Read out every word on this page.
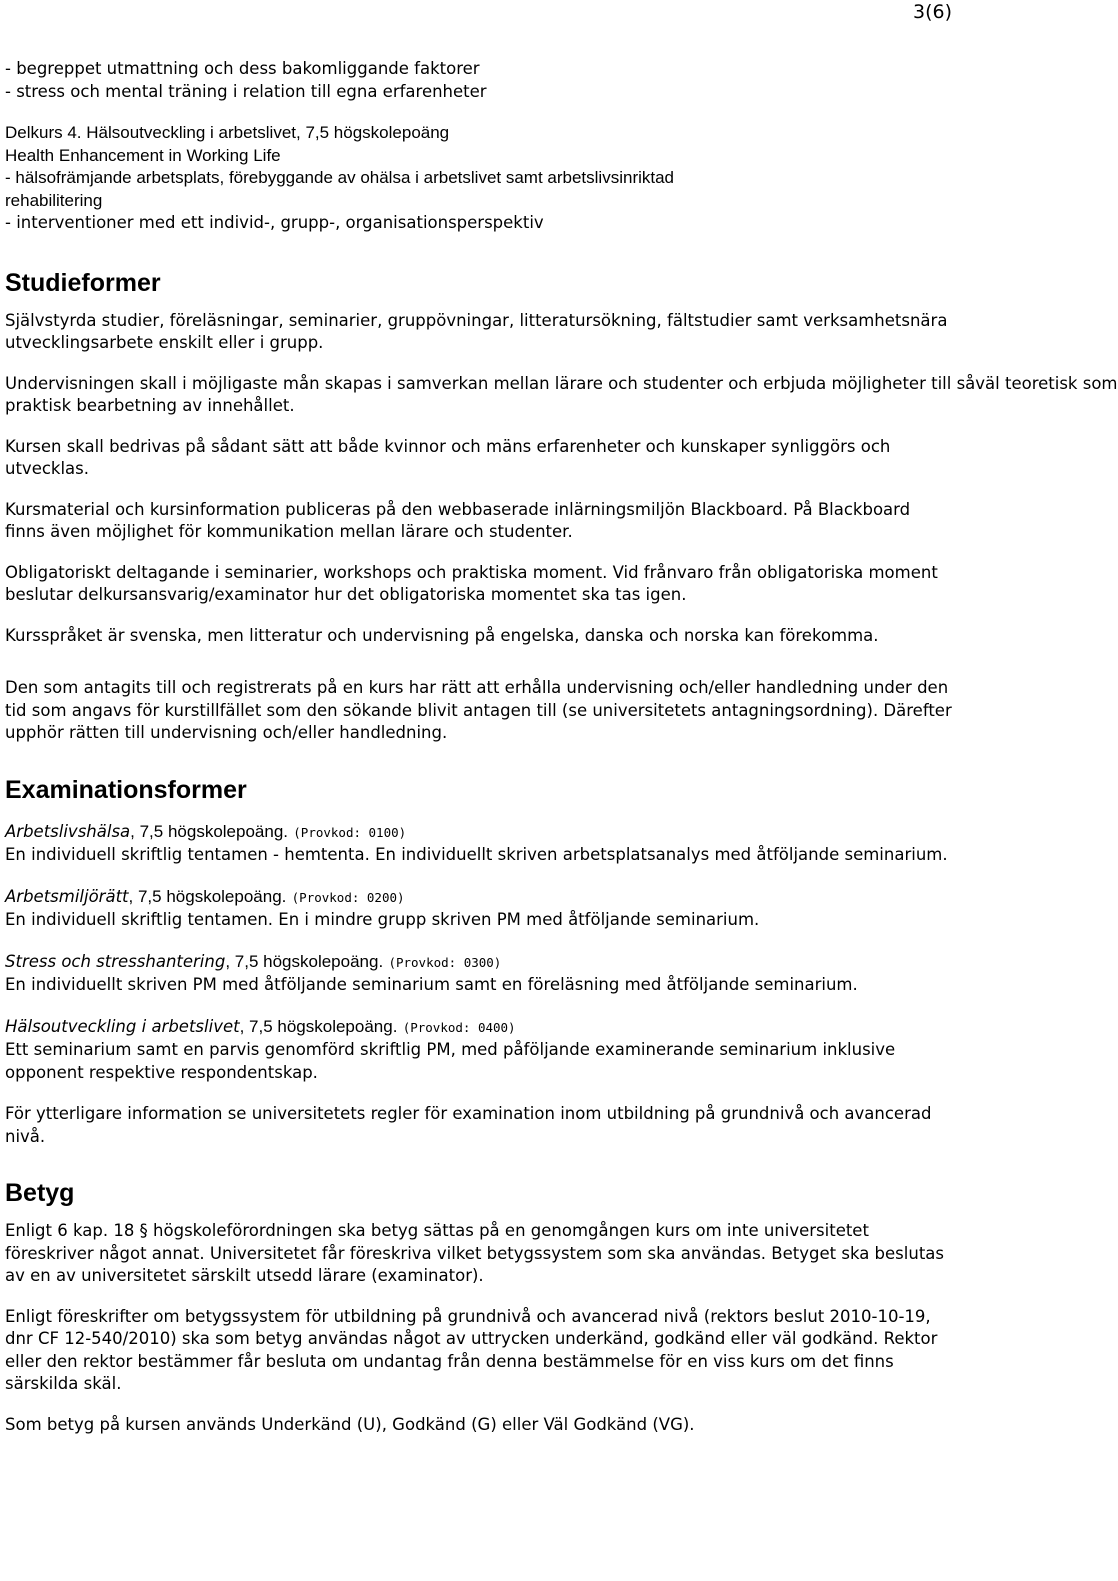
3(6)

- begreppet utmattning och dess bakomliggande faktorer

- stress och mental träning i relation till egna erfarenheter

Delkurs 4. Hälsoutveckling i arbetslivet, 7,5 högskolepoäng

Health Enhancement in Working Life

- hälsofrämjande arbetsplats, förebyggande av ohälsa i arbetslivet samt arbetslivsinriktad

rehabilitering

- interventioner med ett individ-, grupp-, organisationsperspektiv

Studieformer

Självstyrda studier, föreläsningar, seminarier, gruppövningar, litteratursökning, fältstudier samt verksamhetsnära utvecklingsarbete enskilt eller i grupp.

Undervisningen skall i möjligaste mån skapas i samverkan mellan lärare och studenter och erbjuda möjligheter till såväl teoretisk som

praktisk bearbetning av innehållet.

Kursen skall bedrivas på sådant sätt att både kvinnor och mäns erfarenheter och kunskaper synliggörs och utvecklas.

Kursmaterial och kursinformation publiceras på den webbaserade inlärningsmiljön Blackboard. På Blackboard finns även möjlighet för kommunikation mellan lärare och studenter.

Obligatoriskt deltagande i seminarier, workshops och praktiska moment. Vid frånvaro från obligatoriska moment beslutar delkursansvarig/examinator hur det obligatoriska momentet ska tas igen.

Kursspråket är svenska, men litteratur och undervisning på engelska, danska och norska kan förekomma.

Den som antagits till och registrerats på en kurs har rätt att erhålla undervisning och/eller handledning under den tid som angavs för kurstillfället som den sökande blivit antagen till (se universitetets antagningsordning). Därefter upphör rätten till undervisning och/eller handledning.

Examinationsformer

Arbetslivshälsa, 7,5 högskolepoäng. (Provkod: 0100)

En individuell skriftlig tentamen - hemtenta. En individuellt skriven arbetsplatsanalys med åtföljande seminarium.

Arbetsmiljörätt, 7,5 högskolepoäng. (Provkod: 0200)

En individuell skriftlig tentamen. En i mindre grupp skriven PM med åtföljande seminarium.

Stress och stresshantering, 7,5 högskolepoäng. (Provkod: 0300)

En individuellt skriven PM med åtföljande seminarium samt en föreläsning med åtföljande seminarium.

Hälsoutveckling i arbetslivet, 7,5 högskolepoäng. (Provkod: 0400)

Ett seminarium samt en parvis genomförd skriftlig PM, med påföljande examinerande seminarium inklusive opponent respektive respondentskap.

För ytterligare information se universitetets regler för examination inom utbildning på grundnivå och avancerad nivå.

Betyg

Enligt 6 kap. 18 § högskoleförordningen ska betyg sättas på en genomgången kurs om inte universitetet föreskriver något annat. Universitetet får föreskriva vilket betygssystem som ska användas. Betyget ska beslutas av en av universitetet särskilt utsedd lärare (examinator).

Enligt föreskrifter om betygssystem för utbildning på grundnivå och avancerad nivå (rektors beslut 2010-10-19, dnr CF 12-540/2010) ska som betyg användas något av uttrycken underkänd, godkänd eller väl godkänd. Rektor eller den rektor bestämmer får besluta om undantag från denna bestämmelse för en viss kurs om det finns särskilda skäl.

Som betyg på kursen används Underkänd (U), Godkänd (G) eller Väl Godkänd (VG).
